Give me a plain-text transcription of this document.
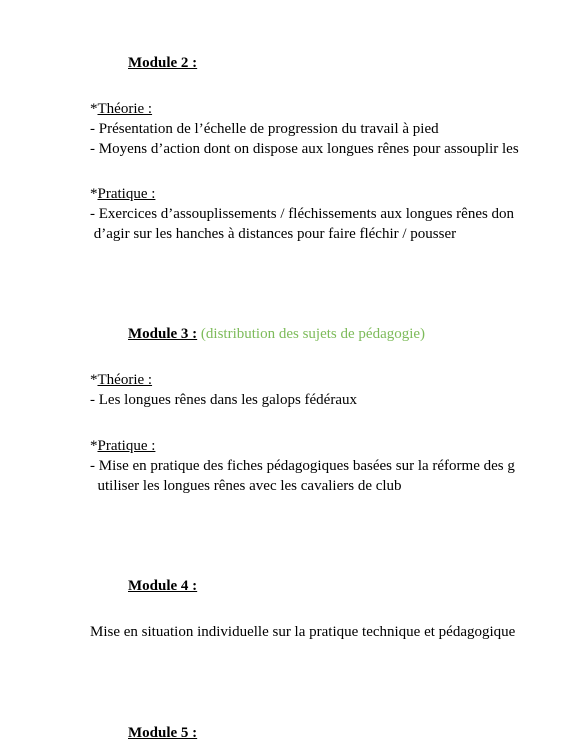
Module 2 :
*Théorie :
- Présentation de l’échelle de progression du travail à pied
- Moyens d’action dont on dispose aux longues rênes pour assouplir les
*Pratique :
- Exercices d’assouplissements / fléchissements aux longues rênes don
d’agir sur les hanches à distances pour faire fléchir / pousser
Module 3 : (distribution des sujets de pédagogie)
*Théorie :
- Les longues rênes dans les galops fédéraux
*Pratique :
- Mise en pratique des fiches pédagogiques basées sur la réforme des g
utiliser les longues rênes avec les cavaliers de club
Module 4 :
Mise en situation individuelle sur la pratique technique et pédagogique
Module 5 :
